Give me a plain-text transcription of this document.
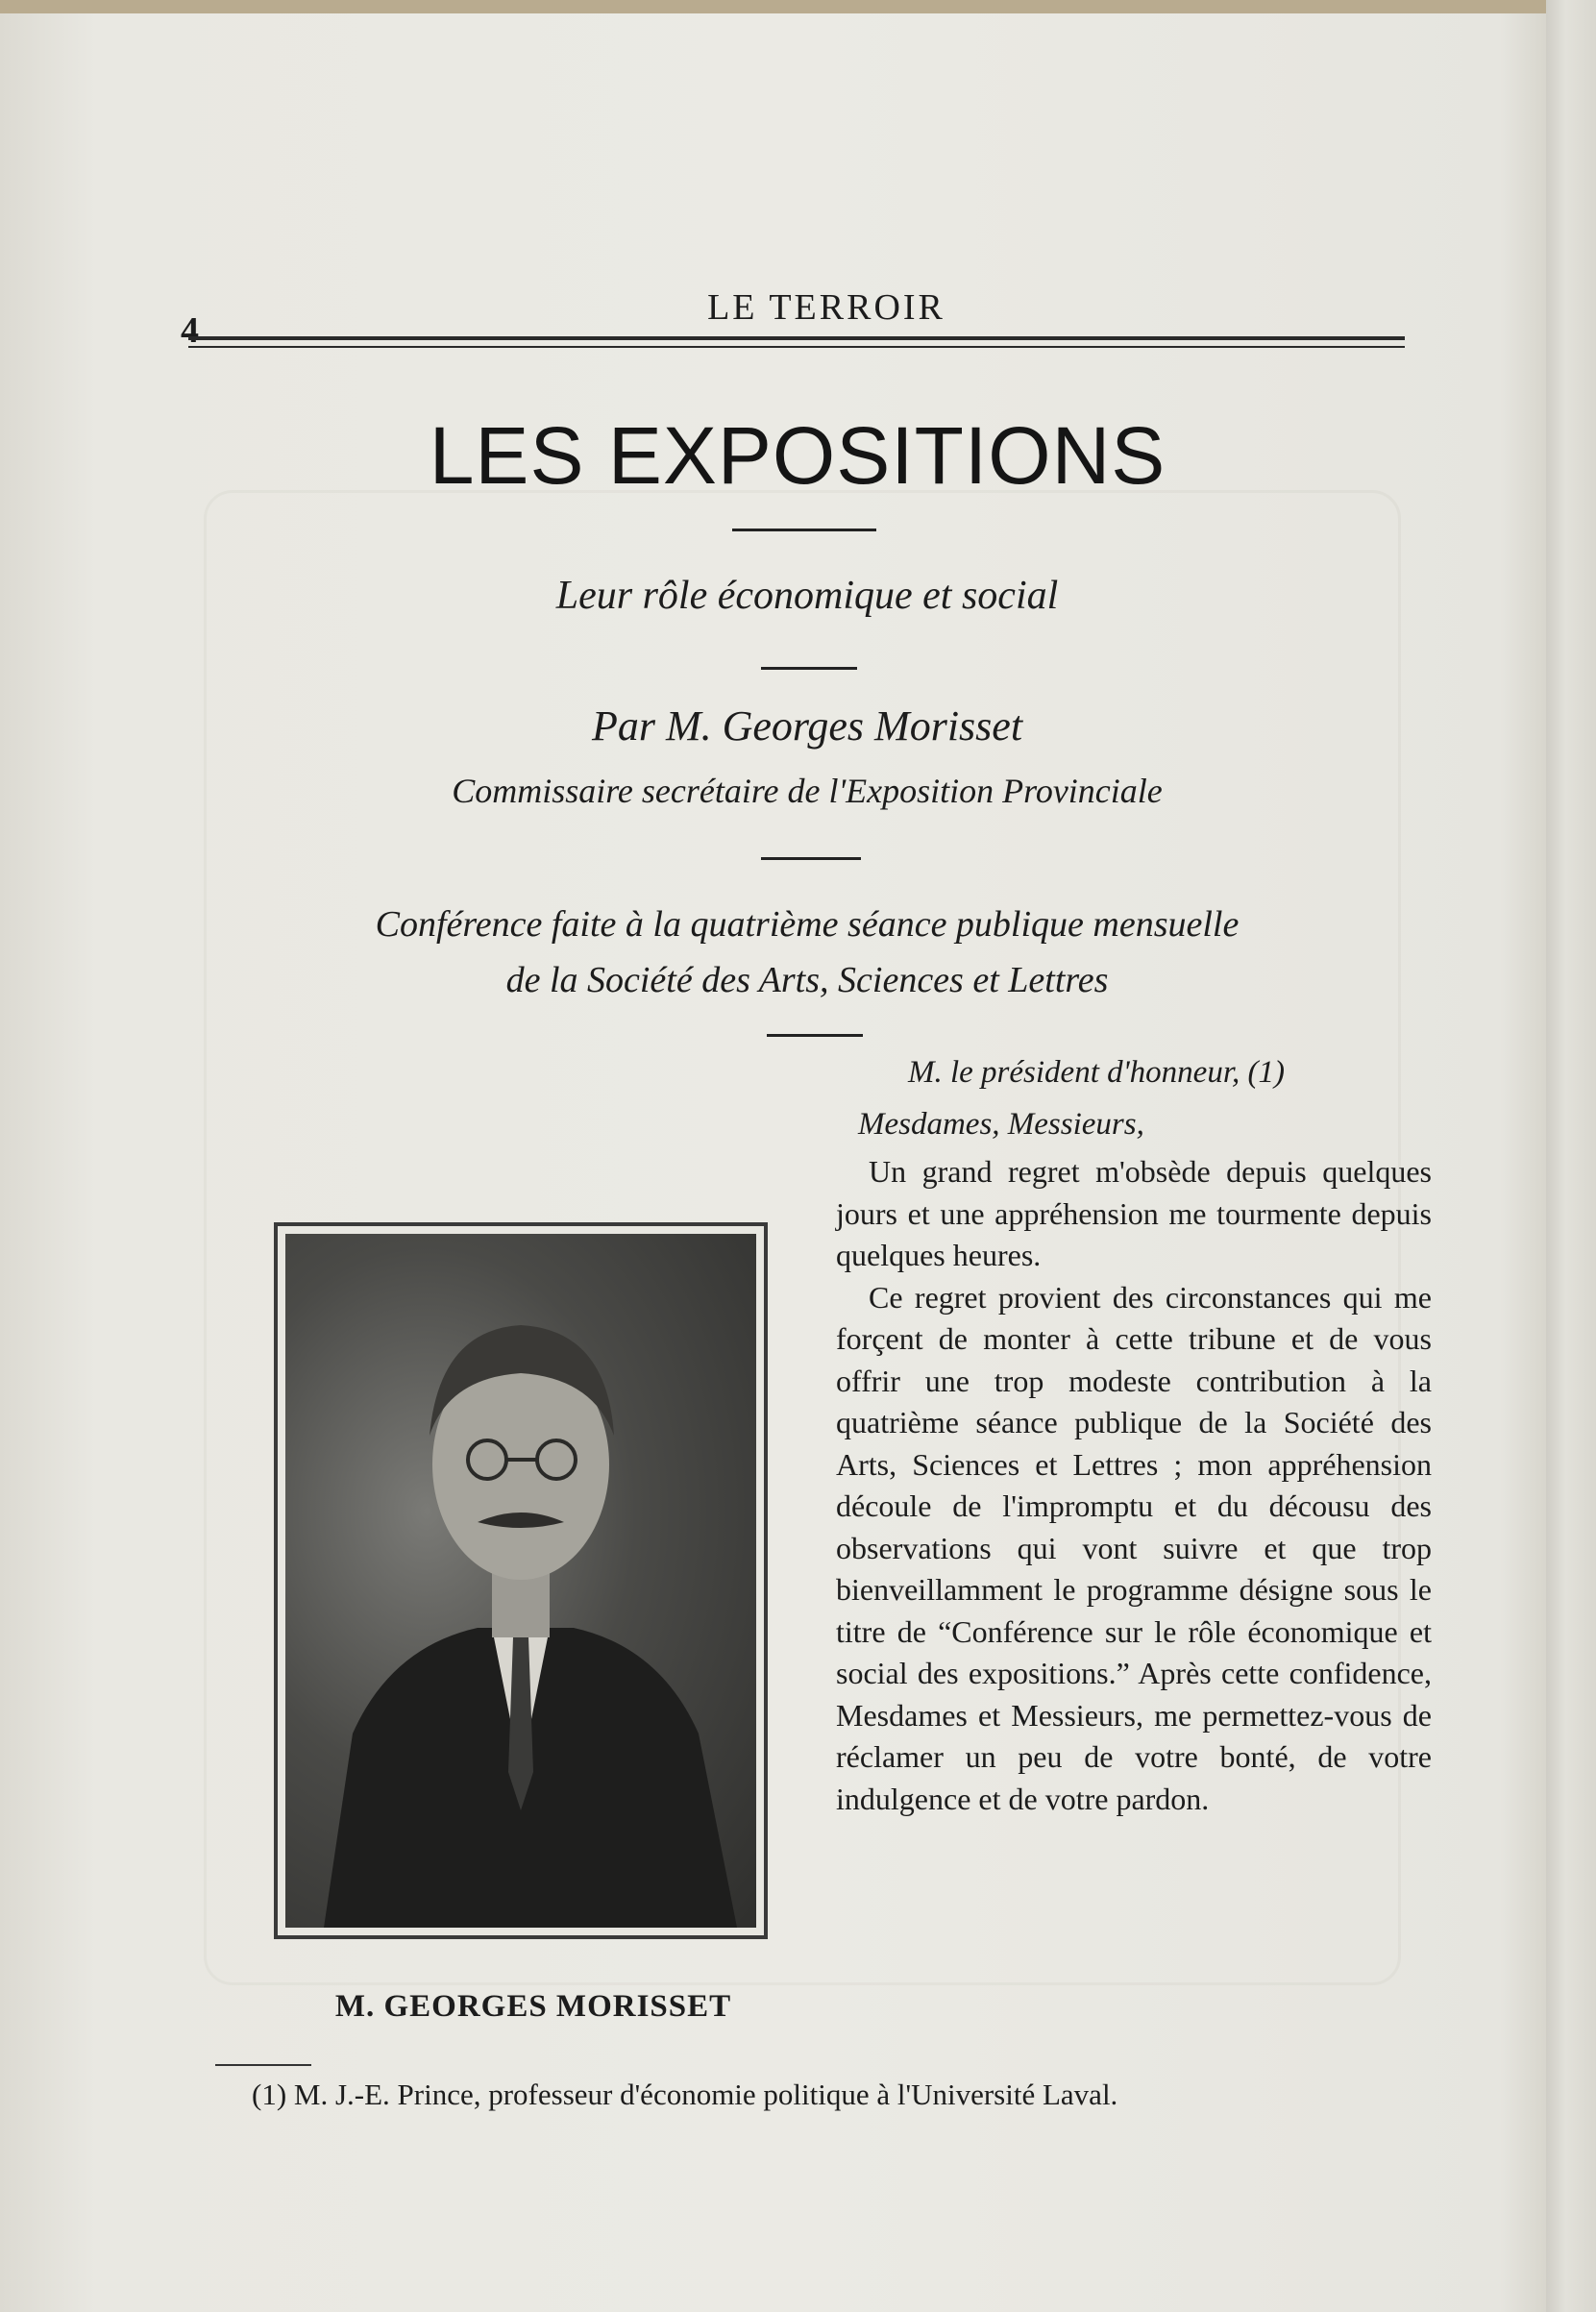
4
LE TERROIR
LES EXPOSITIONS
Leur rôle économique et social
Par M. Georges Morisset
Commissaire secrétaire de l'Exposition Provinciale
Conférence faite à la quatrième séance publique mensuelle
de la Société des Arts, Sciences et Lettres
M. le président d'honneur, (1)
Mesdames, Messieurs,

Un grand regret m'obsède depuis quelques jours et une appréhension me tourmente depuis quelques heures.

Ce regret provient des circonstances qui me forçent de monter à cette tribune et de vous offrir une trop modeste contribution à la quatrième séance publique de la Société des Arts, Sciences et Lettres ; mon appréhension découle de l'impromptu et du décousu des observations qui vont suivre et que trop bienveillamment le programme désigne sous le titre de “Conférence sur le rôle économique et social des expositions.” Après cette confidence, Mesdames et Messieurs, me permettez-vous de réclamer un peu de votre bonté, de votre indulgence et de votre pardon.

M. GEORGES MORISSET
(1) M. J.-E. Prince, professeur d'économie politique à l'Université Laval.
